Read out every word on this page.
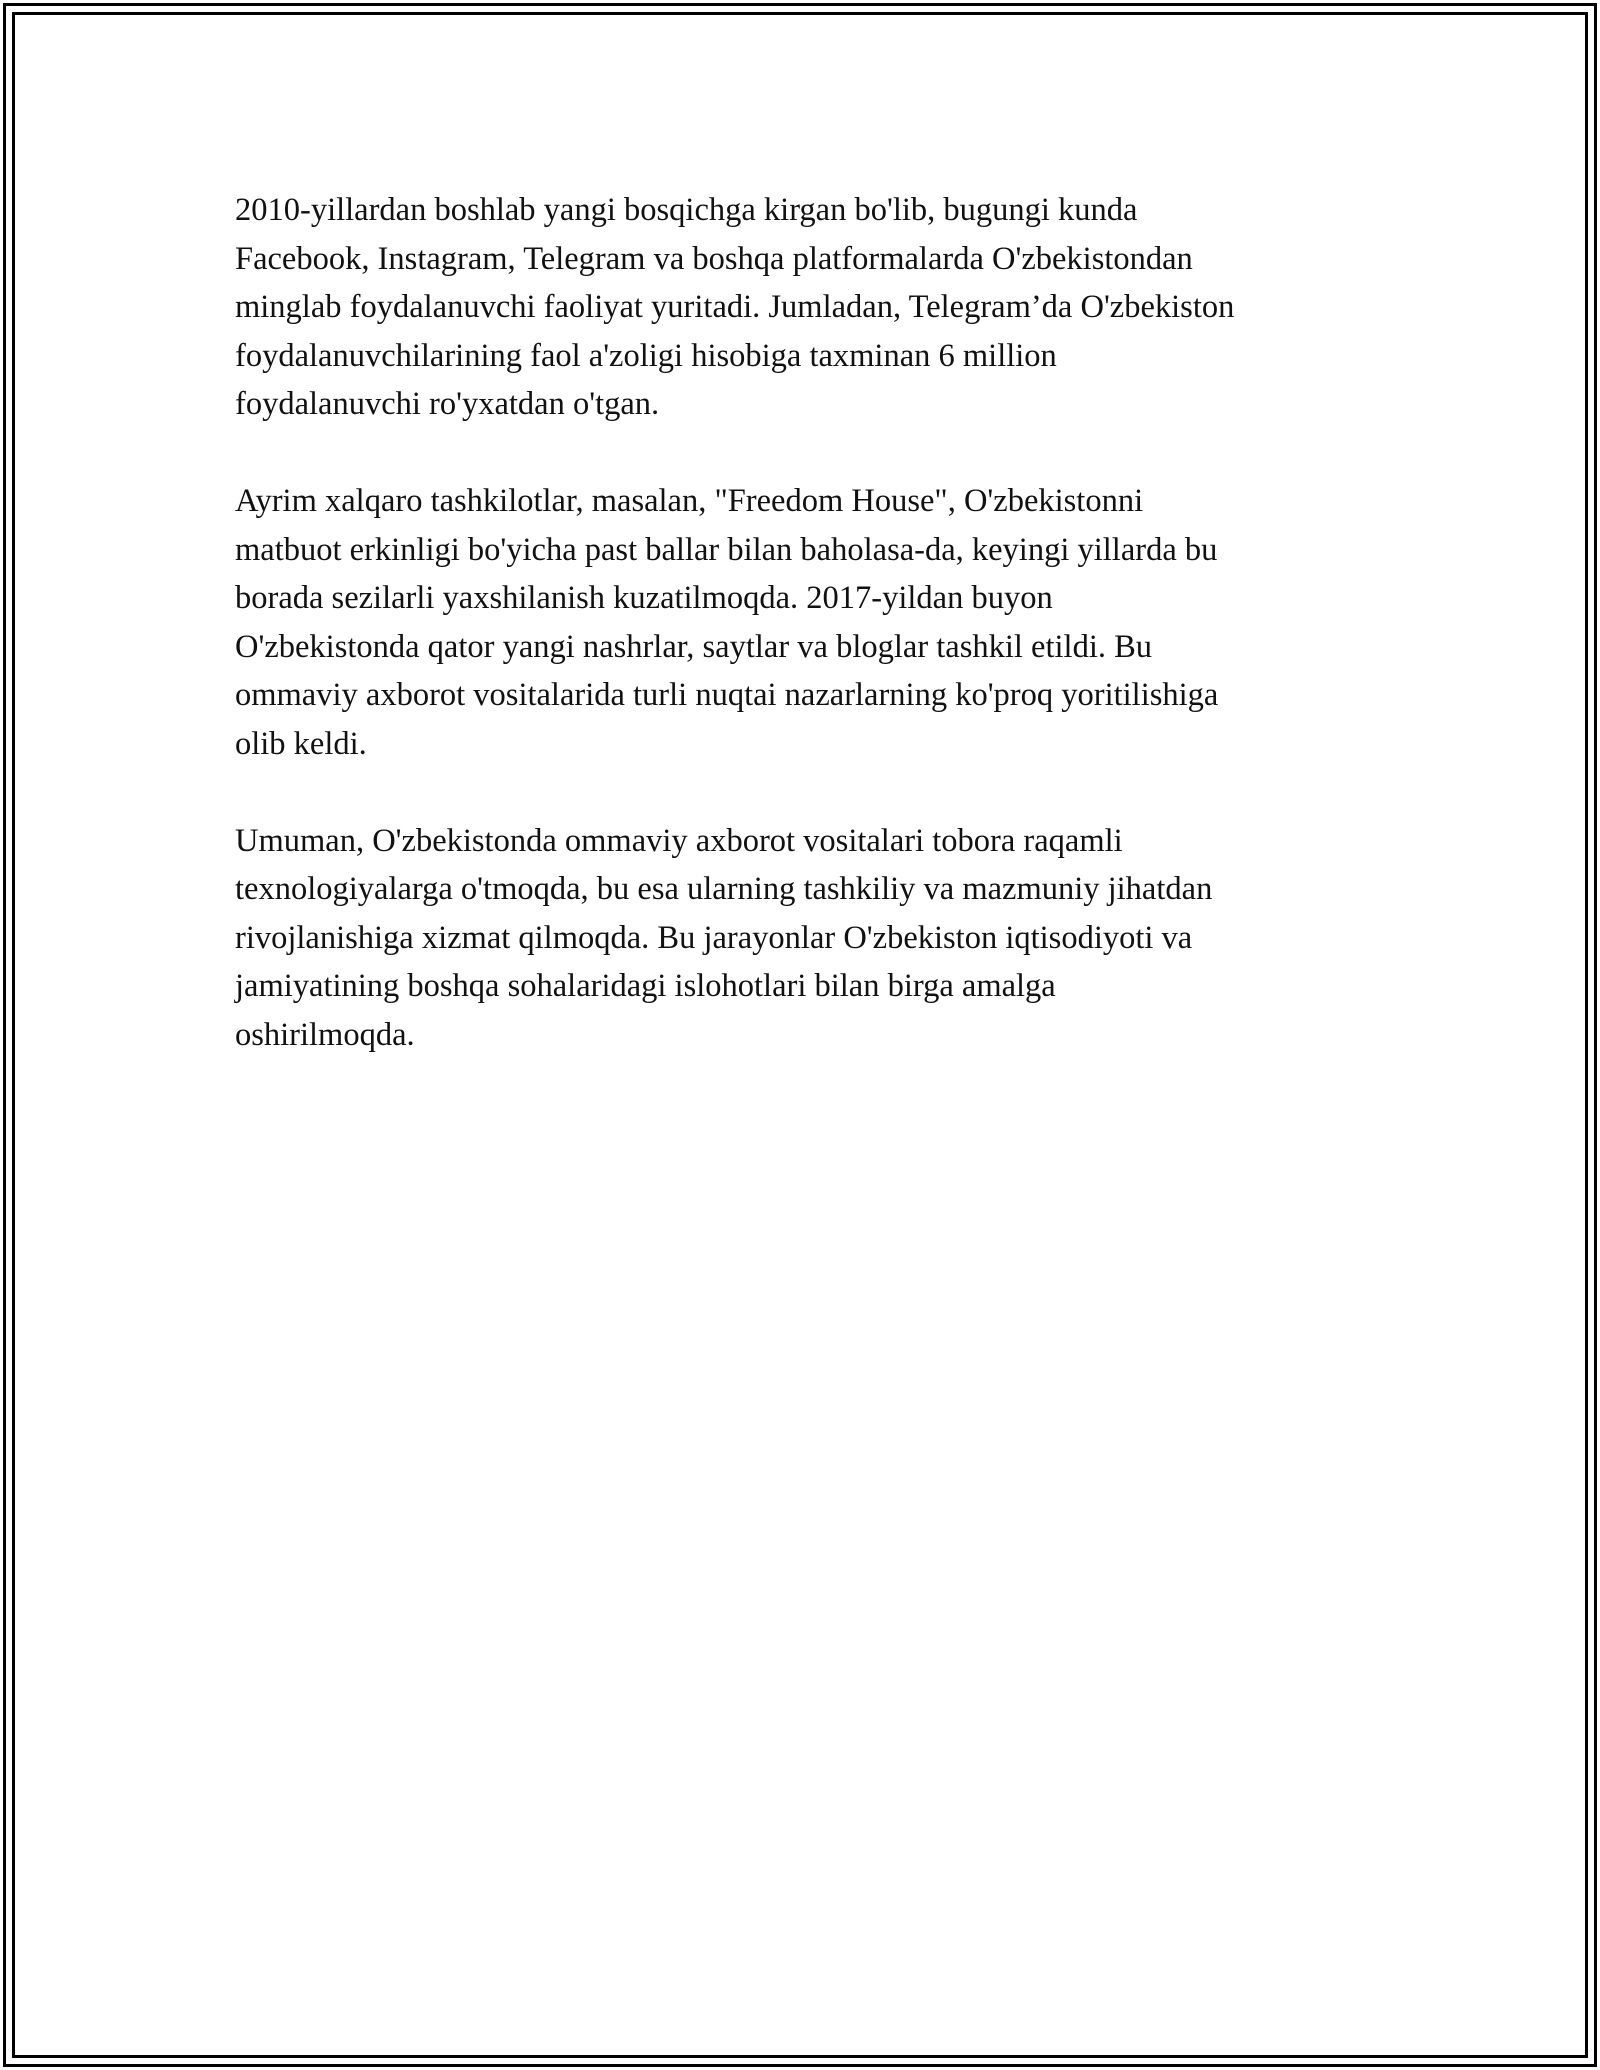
2010-yillardan boshlab yangi bosqichga kirgan bo'lib, bugungi kunda
Facebook, Instagram, Telegram va boshqa platformalarda O'zbekistondan
minglab foydalanuvchi faoliyat yuritadi. Jumladan, Telegram’da O'zbekiston
foydalanuvchilarining faol a'zoligi hisobiga taxminan 6 million
foydalanuvchi ro'yxatdan o'tgan.

Ayrim xalqaro tashkilotlar, masalan, "Freedom House", O'zbekistonni
matbuot erkinligi bo'yicha past ballar bilan baholasa-da, keyingi yillarda bu
borada sezilarli yaxshilanish kuzatilmoqda. 2017-yildan buyon
O'zbekistonda qator yangi nashrlar, saytlar va bloglar tashkil etildi. Bu
ommaviy axborot vositalarida turli nuqtai nazarlarning ko'proq yoritilishiga
olib keldi.

Umuman, O'zbekistonda ommaviy axborot vositalari tobora raqamli
texnologiyalarga o'tmoqda, bu esa ularning tashkiliy va mazmuniy jihatdan
rivojlanishiga xizmat qilmoqda. Bu jarayonlar O'zbekiston iqtisodiyoti va
jamiyatining boshqa sohalaridagi islohotlari bilan birga amalga
oshirilmoqda.
